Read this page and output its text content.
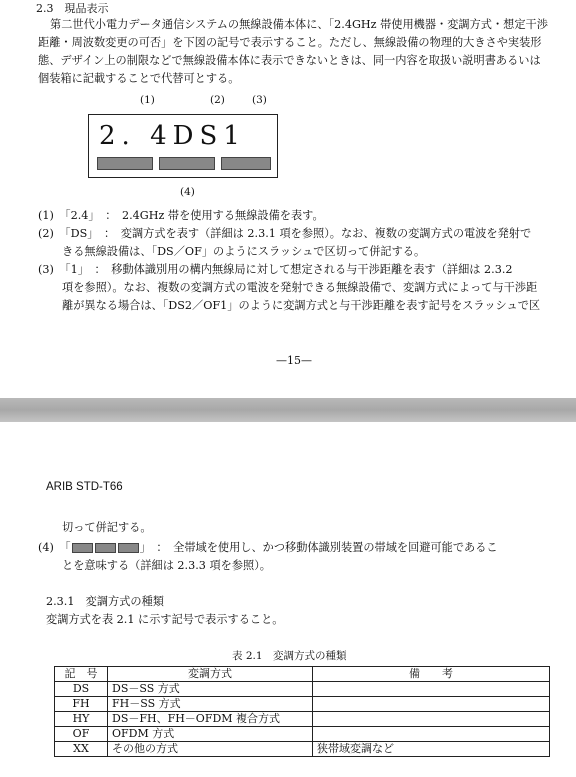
2.3　現品表示
第二世代小電力データ通信システムの無線設備本体に、「2.4GHz 帯使用機器・変調方式・想定干渉
距離・周波数変更の可否」を下図の記号で表示すること。ただし、無線設備の物理的大きさや実装形
態、デザイン上の制限などで無線設備本体に表示できないときは、同一内容を取扱い説明書あるいは
個装箱に記載することで代替可とする。
(1)	(2)	(3)
2. 4DS1
(4)
(1)　「2.4」　：　2.4GHz 帯を使用する無線設備を表す。
(2)　「DS」　：　変調方式を表す（詳細は 2.3.1 項を参照）。なお、複数の変調方式の電波を発射で
きる無線設備は、「DS／OF」のようにスラッシュで区切って併記する。
(3)　「1」　：　移動体識別用の構内無線局に対して想定される与干渉距離を表す（詳細は 2.3.2
項を参照）。なお、複数の変調方式の電波を発射できる無線設備で、変調方式によって与干渉距
離が異なる場合は、「DS2／OF1」のように変調方式と与干渉距離を表す記号をスラッシュで区
—15—
ARIB STD-T66
切って併記する。
(4)　「	」　：　全帯域を使用し、かつ移動体識別装置の帯域を回避可能であるこ
とを意味する（詳細は 2.3.3 項を参照）。
2.3.1　変調方式の種類
変調方式を表 2.1 に示す記号で表示すること。
表 2.1　変調方式の種類
記　号	変調方式	備　　考
DS	DS－SS 方式	
FH	FH－SS 方式	
HY	DS－FH、FH－OFDM 複合方式	
OF	OFDM 方式	
XX	その他の方式	狭帯域変調など
